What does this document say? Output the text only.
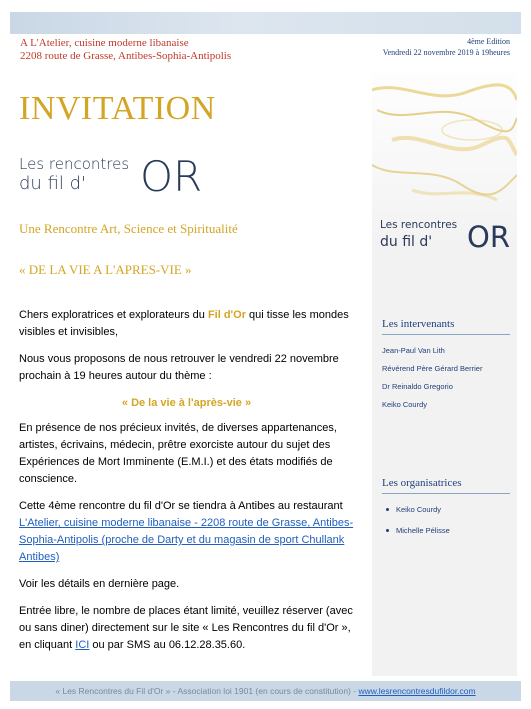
A L'Atelier, cuisine moderne libanaise
2208 route de Grasse, Antibes-Sophia-Antipolis
4ème Edition
Vendredi 22 novembre 2019 à 19heures
INVITATION
Les rencontres
du fil d' OR
Une Rencontre Art, Science et Spiritualité
« DE LA VIE A L'APRES-VIE »

Chers exploratrices et explorateurs du Fil d'Or qui tisse les mondes visibles et invisibles,

Nous vous proposons de nous retrouver le vendredi 22 novembre prochain à 19 heures autour du thème :

« De la vie à l'après-vie »

En présence de nos précieux invités, de diverses appartenances, artistes, écrivains, médecin, prêtre exorciste autour du sujet des Expériences de Mort Imminente (E.M.I.) et des états modifiés de conscience.

Cette 4ème rencontre du fil d'Or se tiendra à Antibes au restaurant L'Atelier, cuisine moderne libanaise - 2208 route de Grasse, Antibes-Sophia-Antipolis (proche de Darty et du magasin de sport Chullank Antibes)

Voir les détails en dernière page.

Entrée libre, le nombre de places étant limité, veuillez réserver (avec ou sans diner) directement sur le site « Les Rencontres du fil d'Or », en cliquant ICI ou par SMS au 06.12.28.35.60.

Les rencontres
du fil d' OR
Les intervenants
Jean-Paul Van Lith
Révérend Père Gérard Berrier
Dr Reinaldo Gregorio
Keiko Courdy
Les organisatrices
Keiko Courdy
Michelle Pélisse
« Les Rencontres du Fil d'Or » - Association loi 1901 (en cours de constitution) - www.lesrencontresdufildor.com
